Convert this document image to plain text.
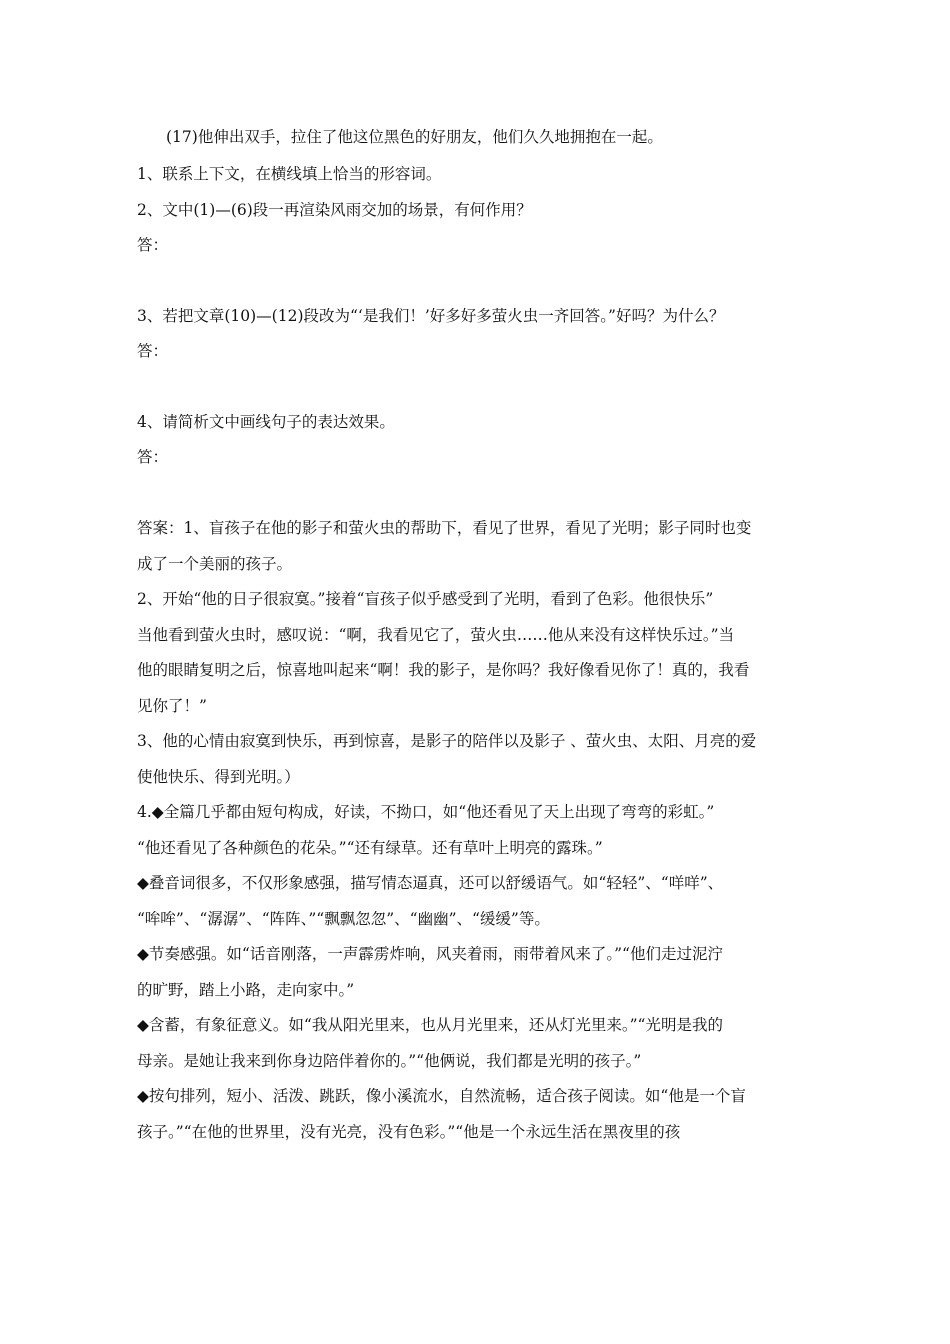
(17)他伸出双手，拉住了他这位黑色的好朋友，他们久久地拥抱在一起。
1、联系上下文，在横线填上恰当的形容词。
2、文中(1)—(6)段一再渲染风雨交加的场景，有何作用？
答：
3、若把文章(10)—(12)段改为“‘是我们！’好多好多萤火虫一齐回答。”好吗？为什么？
答：
4、请简析文中画线句子的表达效果。
答：
答案：1、盲孩子在他的影子和萤火虫的帮助下，看见了世界，看见了光明；影子同时也变
成了一个美丽的孩子。
2、开始“他的日子很寂寞。”接着“盲孩子似乎感受到了光明，看到了色彩。他很快乐”
当他看到萤火虫时，感叹说：“啊，我看见它了，萤火虫……他从来没有这样快乐过。”当
他的眼睛复明之后，惊喜地叫起来“啊！我的影子，是你吗？我好像看见你了！真的，我看
见你了！”
3、他的心情由寂寞到快乐，再到惊喜，是影子的陪伴以及影子 、萤火虫、太阳、月亮的爱
使他快乐、得到光明。）
4.◆全篇几乎都由短句构成，好读，不拗口，如“他还看见了天上出现了弯弯的彩虹。”
“他还看见了各种颜色的花朵。”“还有绿草。还有草叶上明亮的露珠。”
◆叠音词很多，不仅形象感强，描写情态逼真，还可以舒缓语气。如“轻轻”、“咩咩”、
“哞哞”、“潺潺”、“阵阵、”“飘飘忽忽”、“幽幽”、“缓缓”等。
◆节奏感强。如“话音刚落，一声霹雳炸响，风夹着雨，雨带着风来了。”“他们走过泥泞
的旷野，踏上小路，走向家中。”
◆含蓄，有象征意义。如“我从阳光里来，也从月光里来，还从灯光里来。”“光明是我的
母亲。是她让我来到你身边陪伴着你的。”“他俩说，我们都是光明的孩子。”
◆按句排列，短小、活泼、跳跃，像小溪流水，自然流畅，适合孩子阅读。如“他是一个盲
孩子。”“在他的世界里，没有光亮，没有色彩。”“他是一个永远生活在黑夜里的孩
